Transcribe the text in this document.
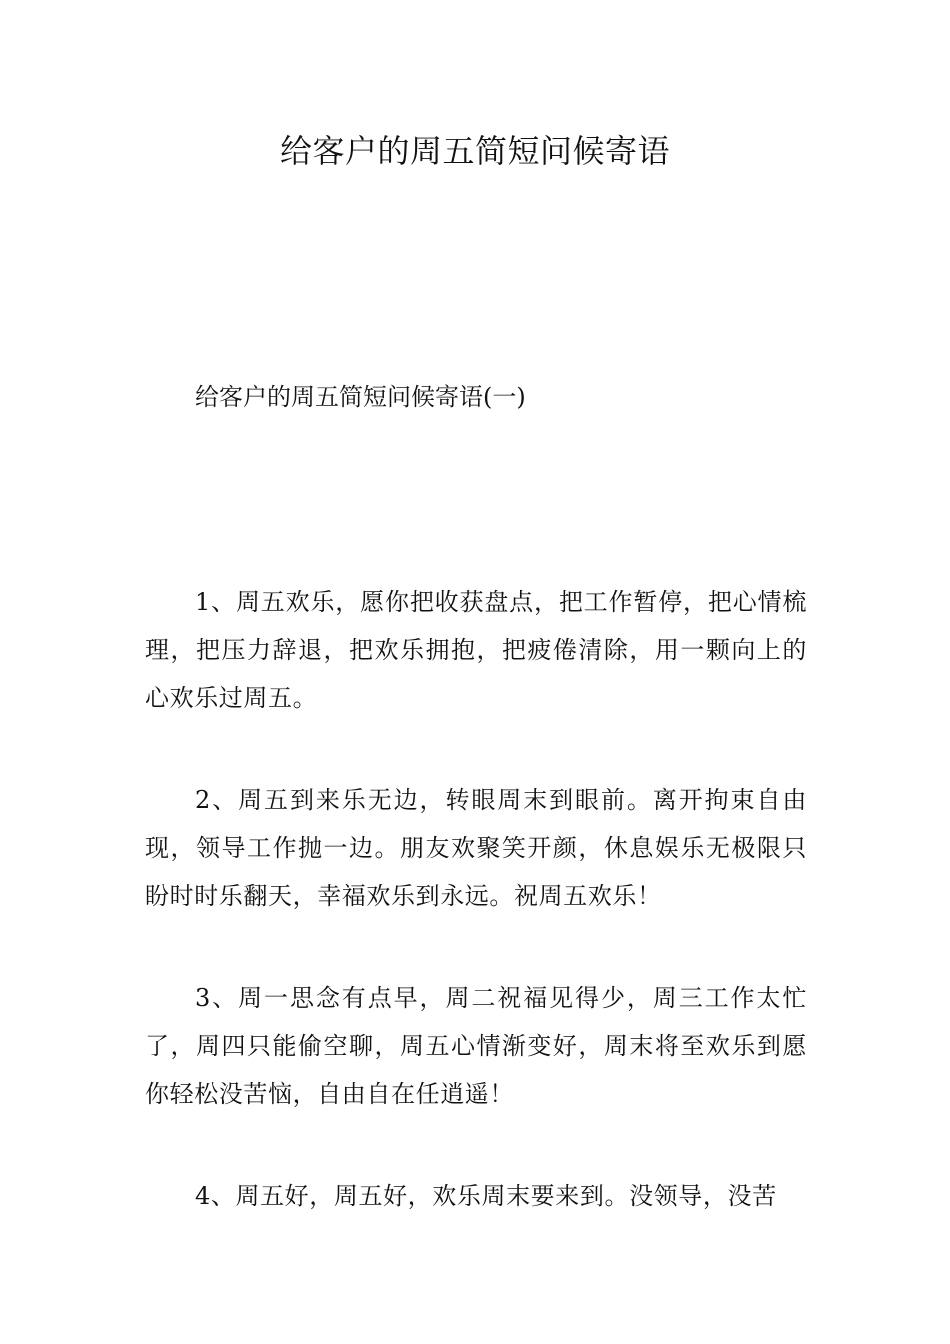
给客户的周五简短问候寄语

给客户的周五简短问候寄语(一)

1、周五欢乐，愿你把收获盘点，把工作暂停，把心情梳理，把压力辞退，把欢乐拥抱，把疲倦清除，用一颗向上的心欢乐过周五。

2、周五到来乐无边，转眼周末到眼前。离开拘束自由现，领导工作抛一边。朋友欢聚笑开颜，休息娱乐无极限只盼时时乐翻天，幸福欢乐到永远。祝周五欢乐！

3、周一思念有点早，周二祝福见得少，周三工作太忙了，周四只能偷空聊，周五心情渐变好，周末将至欢乐到愿你轻松没苦恼，自由自在任逍遥！

4、周五好，周五好，欢乐周末要来到。没领导，没苦
